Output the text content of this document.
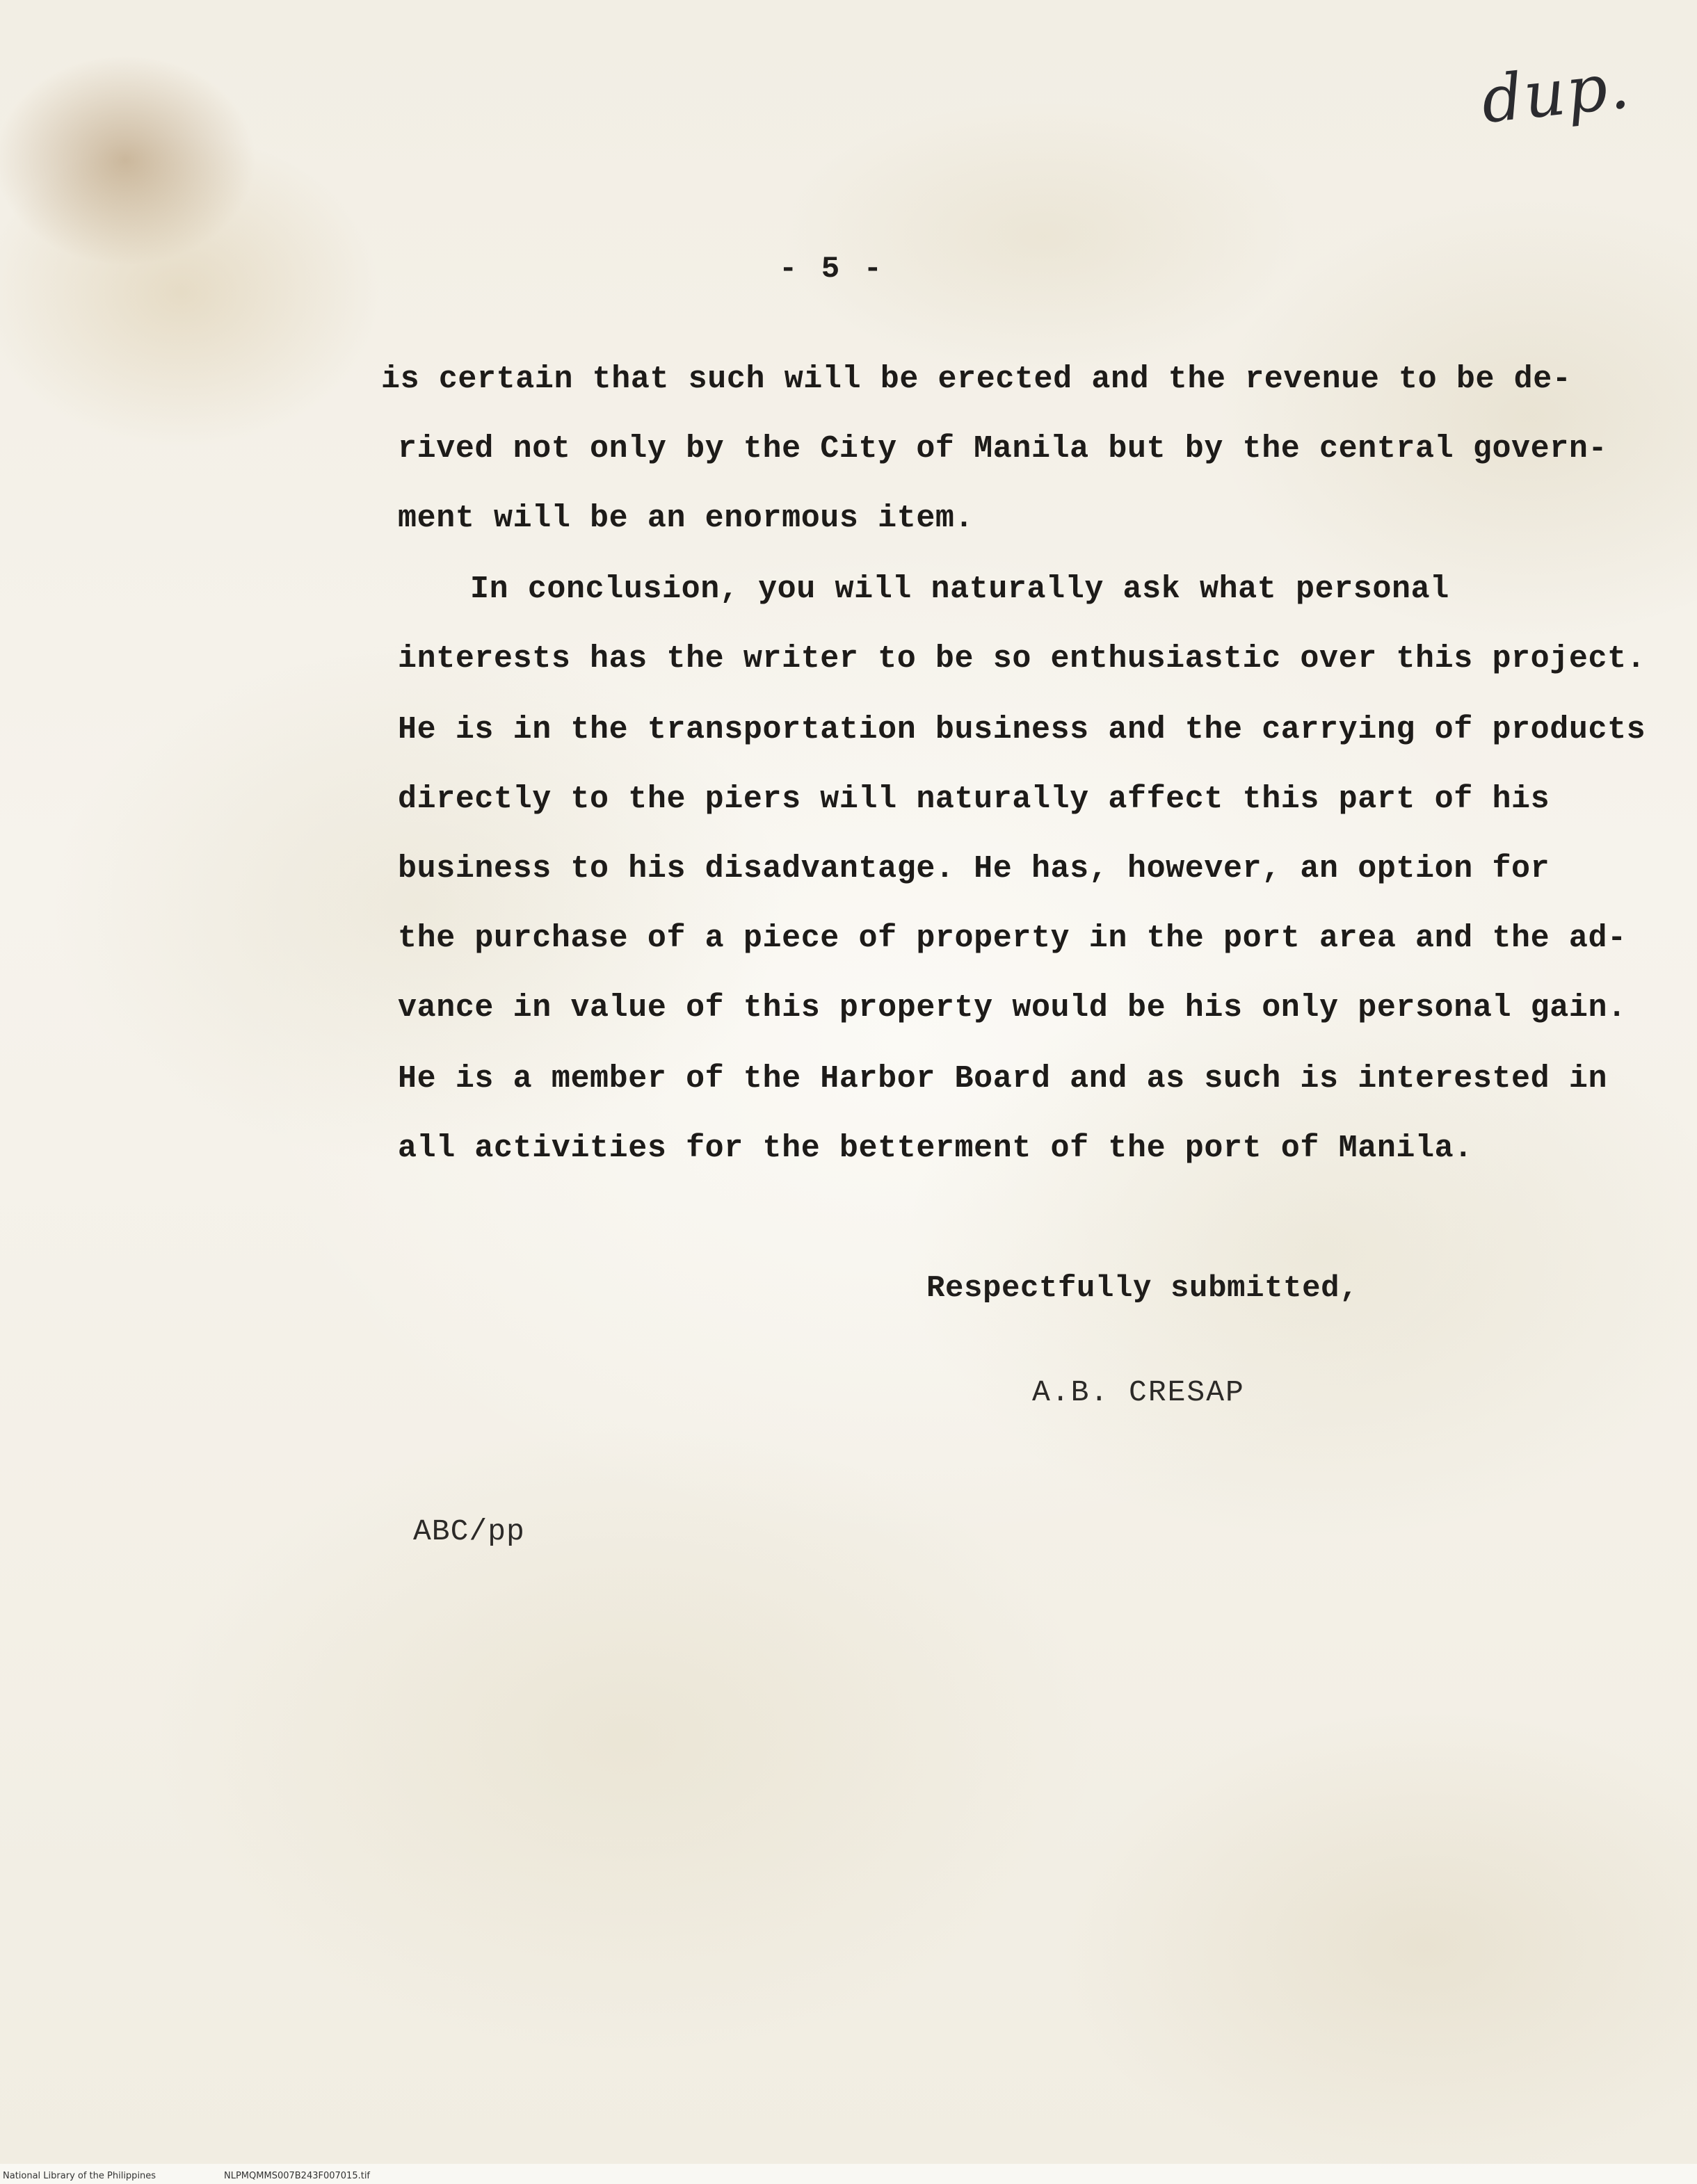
dup.
- 5 -
is certain that such will be erected and the revenue to be de-
rived not only by the City of Manila but by the central govern-
ment will be an enormous item.
In conclusion, you will naturally ask what personal
interests has the writer to be so enthusiastic over this project.
He is in the transportation business and the carrying of products
directly to the piers will naturally affect this part of his
business to his disadvantage. He has, however, an option for
the purchase of a piece of property in the port area and the ad-
vance in value of this property would be his only personal gain.
He is a member of the Harbor Board and as such is interested in
all activities for the betterment of the port of Manila.
Respectfully submitted,
A.B. CRESAP
ABC/pp
National Library of the Philippines	NLPMQMMS007B243F007015.tif
